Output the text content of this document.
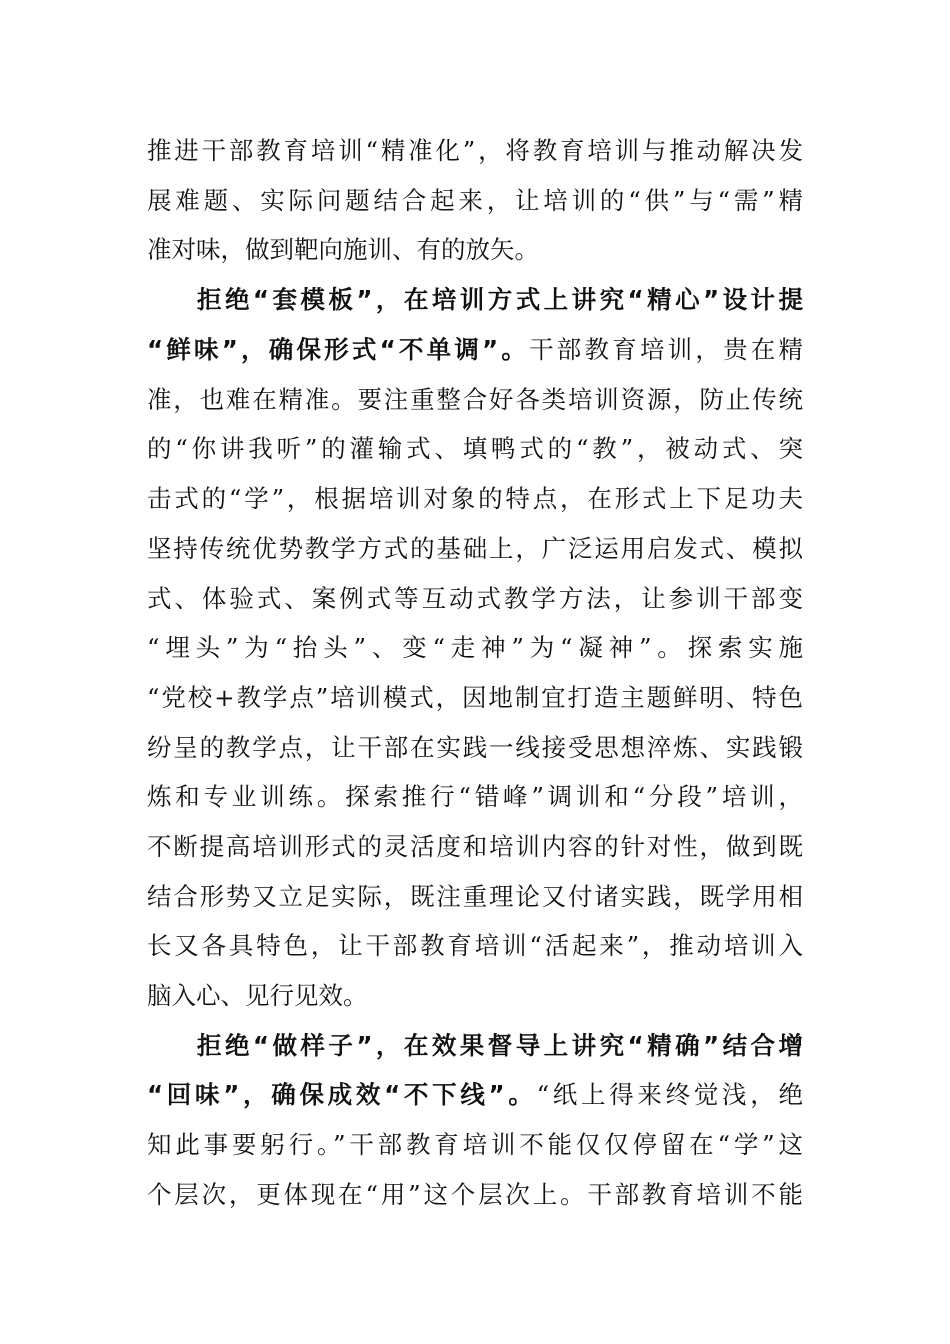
推进干部教育培训“精准化”，将教育培训与推动解决发
展难题、实际问题结合起来，让培训的“供”与“需”精
准对味，做到靶向施训、有的放矢。
拒绝“套模板”，在培训方式上讲究“精心”设计提
“鲜味”，确保形式“不单调”。干部教育培训，贵在精
准，也难在精准。要注重整合好各类培训资源，防止传统
的“你讲我听”的灌输式、填鸭式的“教”，被动式、突
击式的“学”，根据培训对象的特点，在形式上下足功夫
坚持传统优势教学方式的基础上，广泛运用启发式、模拟
式、体验式、案例式等互动式教学方法，让参训干部变
“埋头”为“抬头”、变“走神”为“凝神”。探索实施
“党校+教学点”培训模式，因地制宜打造主题鲜明、特色
纷呈的教学点，让干部在实践一线接受思想淬炼、实践锻
炼和专业训练。探索推行“错峰”调训和“分段”培训，
不断提高培训形式的灵活度和培训内容的针对性，做到既
结合形势又立足实际，既注重理论又付诸实践，既学用相
长又各具特色，让干部教育培训“活起来”，推动培训入
脑入心、见行见效。
拒绝“做样子”，在效果督导上讲究“精确”结合增
“回味”，确保成效“不下线”。“纸上得来终觉浅，绝
知此事要躬行。”干部教育培训不能仅仅停留在“学”这
个层次，更体现在“用”这个层次上。干部教育培训不能
